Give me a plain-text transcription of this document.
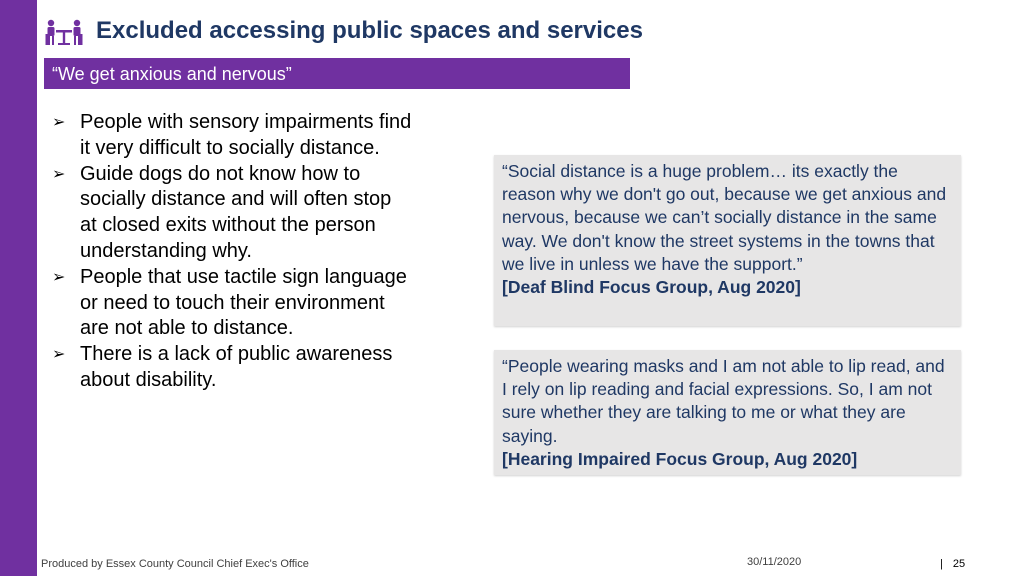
Excluded accessing public spaces and services
“We get anxious and nervous”
➢ People with sensory impairments find it very difficult to socially distance.
➢ Guide dogs do not know how to socially distance and will often stop at closed exits without the person understanding why.
➢ People that use tactile sign language or need to touch their environment are not able to distance.
➢ There is a lack of public awareness about disability.
“Social distance is a huge problem… its exactly the reason why we don't go out, because we get anxious and nervous, because we can’t socially distance in the same way. We don't know the street systems in the towns that we live in unless we have the support.”
[Deaf Blind Focus Group, Aug 2020]
“People wearing masks and I am not able to lip read, and I rely on lip reading and facial expressions. So, I am not sure whether they are talking to me or what they are saying.
[Hearing Impaired Focus Group, Aug 2020]
Produced by Essex County Council Chief Exec's Office	30/11/2020	| 25
